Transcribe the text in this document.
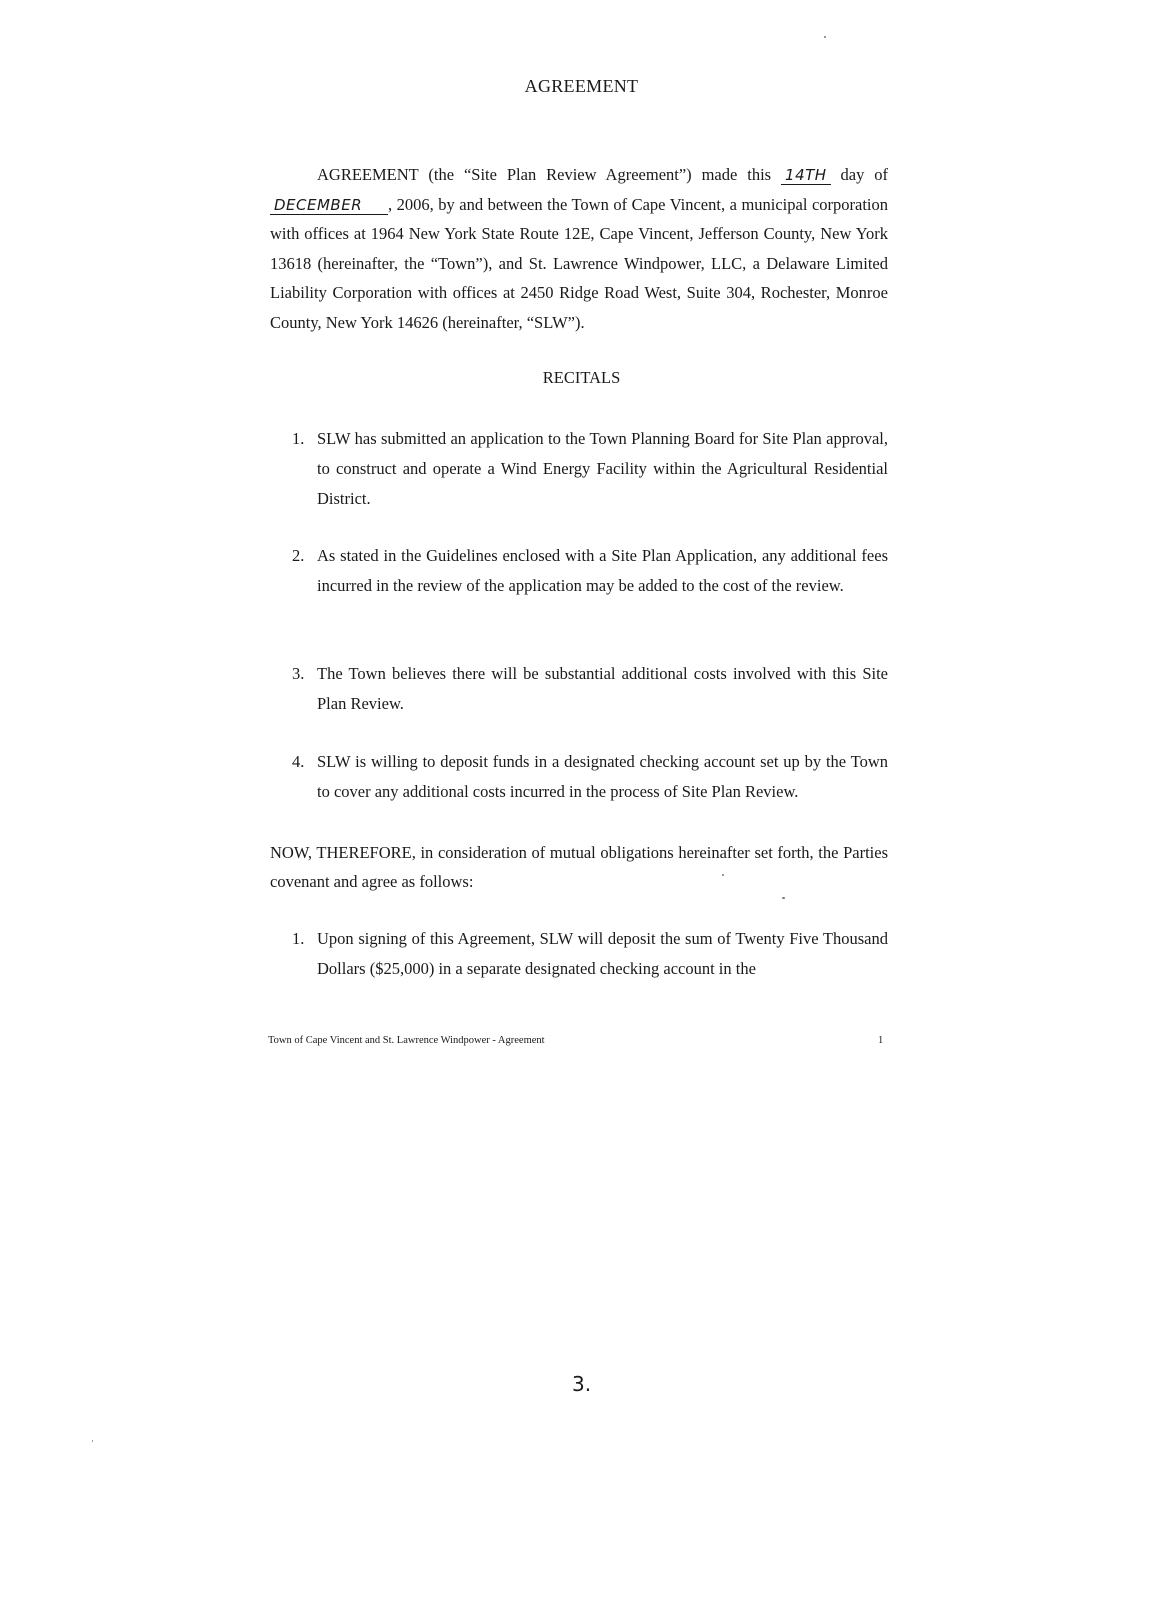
AGREEMENT
AGREEMENT (the “Site Plan Review Agreement”) made this 14TH day of DECEMBER , 2006, by and between the Town of Cape Vincent, a municipal corporation with offices at 1964 New York State Route 12E, Cape Vincent, Jefferson County, New York 13618 (hereinafter, the “Town”), and St. Lawrence Windpower, LLC, a Delaware Limited Liability Corporation with offices at 2450 Ridge Road West, Suite 304, Rochester, Monroe County, New York 14626 (hereinafter, “SLW”).
RECITALS
1. SLW has submitted an application to the Town Planning Board for Site Plan approval, to construct and operate a Wind Energy Facility within the Agricultural Residential District.
2. As stated in the Guidelines enclosed with a Site Plan Application, any additional fees incurred in the review of the application may be added to the cost of the review.
3. The Town believes there will be substantial additional costs involved with this Site Plan Review.
4. SLW is willing to deposit funds in a designated checking account set up by the Town to cover any additional costs incurred in the process of Site Plan Review.
NOW, THEREFORE, in consideration of mutual obligations hereinafter set forth, the Parties covenant and agree as follows:
1. Upon signing of this Agreement, SLW will deposit the sum of Twenty Five Thousand Dollars ($25,000) in a separate designated checking account in the
Town of Cape Vincent and St. Lawrence Windpower - Agreement	1
3.
